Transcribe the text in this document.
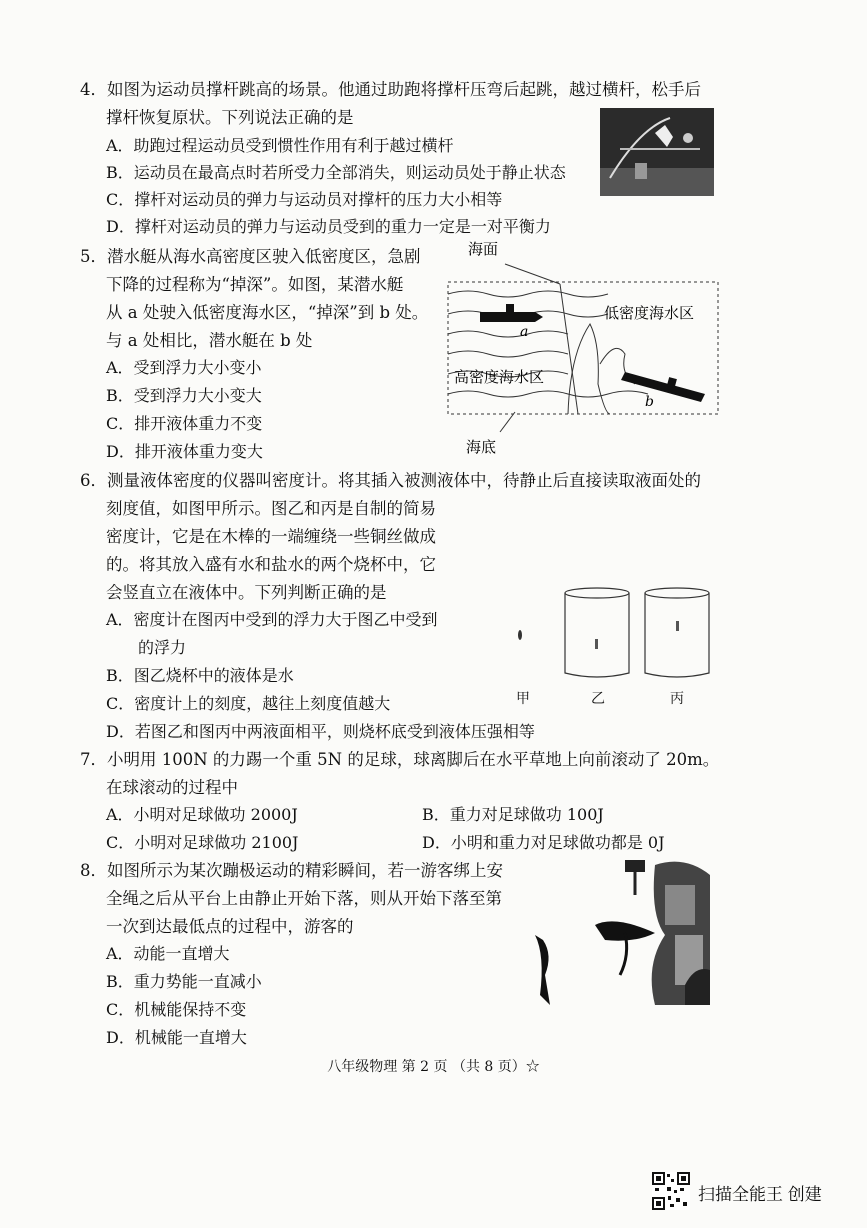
4．如图为运动员撑杆跳高的场景。他通过助跑将撑杆压弯后起跳，越过横杆，松手后
撑杆恢复原状。下列说法正确的是
A．助跑过程运动员受到惯性作用有利于越过横杆
B．运动员在最高点时若所受力全部消失，则运动员处于静止状态
C．撑杆对运动员的弹力与运动员对撑杆的压力大小相等
D．撑杆对运动员的弹力与运动员受到的重力一定是一对平衡力
5．潜水艇从海水高密度区驶入低密度区，急剧
下降的过程称为“掉深”。如图，某潜水艇
从 a 处驶入低密度海水区，“掉深”到 b 处。
与 a 处相比，潜水艇在 b 处
A．受到浮力大小变小
B．受到浮力大小变大
C．排开液体重力不变
D．排开液体重力变大
海面
低密度海水区
高密度海水区
海底
a
b
6．测量液体密度的仪器叫密度计。将其插入被测液体中，待静止后直接读取液面处的
刻度值，如图甲所示。图乙和丙是自制的简易
密度计，它是在木棒的一端缠绕一些铜丝做成
的。将其放入盛有水和盐水的两个烧杯中，它
会竖直立在液体中。下列判断正确的是
A．密度计在图丙中受到的浮力大于图乙中受到
的浮力
B．图乙烧杯中的液体是水
C．密度计上的刻度，越往上刻度值越大
D．若图乙和图丙中两液面相平，则烧杯底受到液体压强相等
甲	乙	丙
7．小明用 100N 的力踢一个重 5N 的足球，球离脚后在水平草地上向前滚动了 20m。
在球滚动的过程中
A．小明对足球做功 2000J	B．重力对足球做功 100J
C．小明对足球做功 2100J	D．小明和重力对足球做功都是 0J
8．如图所示为某次蹦极运动的精彩瞬间，若一游客绑上安
全绳之后从平台上由静止开始下落，则从开始下落至第
一次到达最低点的过程中，游客的
A．动能一直增大
B．重力势能一直减小
C．机械能保持不变
D．机械能一直增大
八年级物理 第 2 页 （共 8 页）☆
扫描全能王 创建
